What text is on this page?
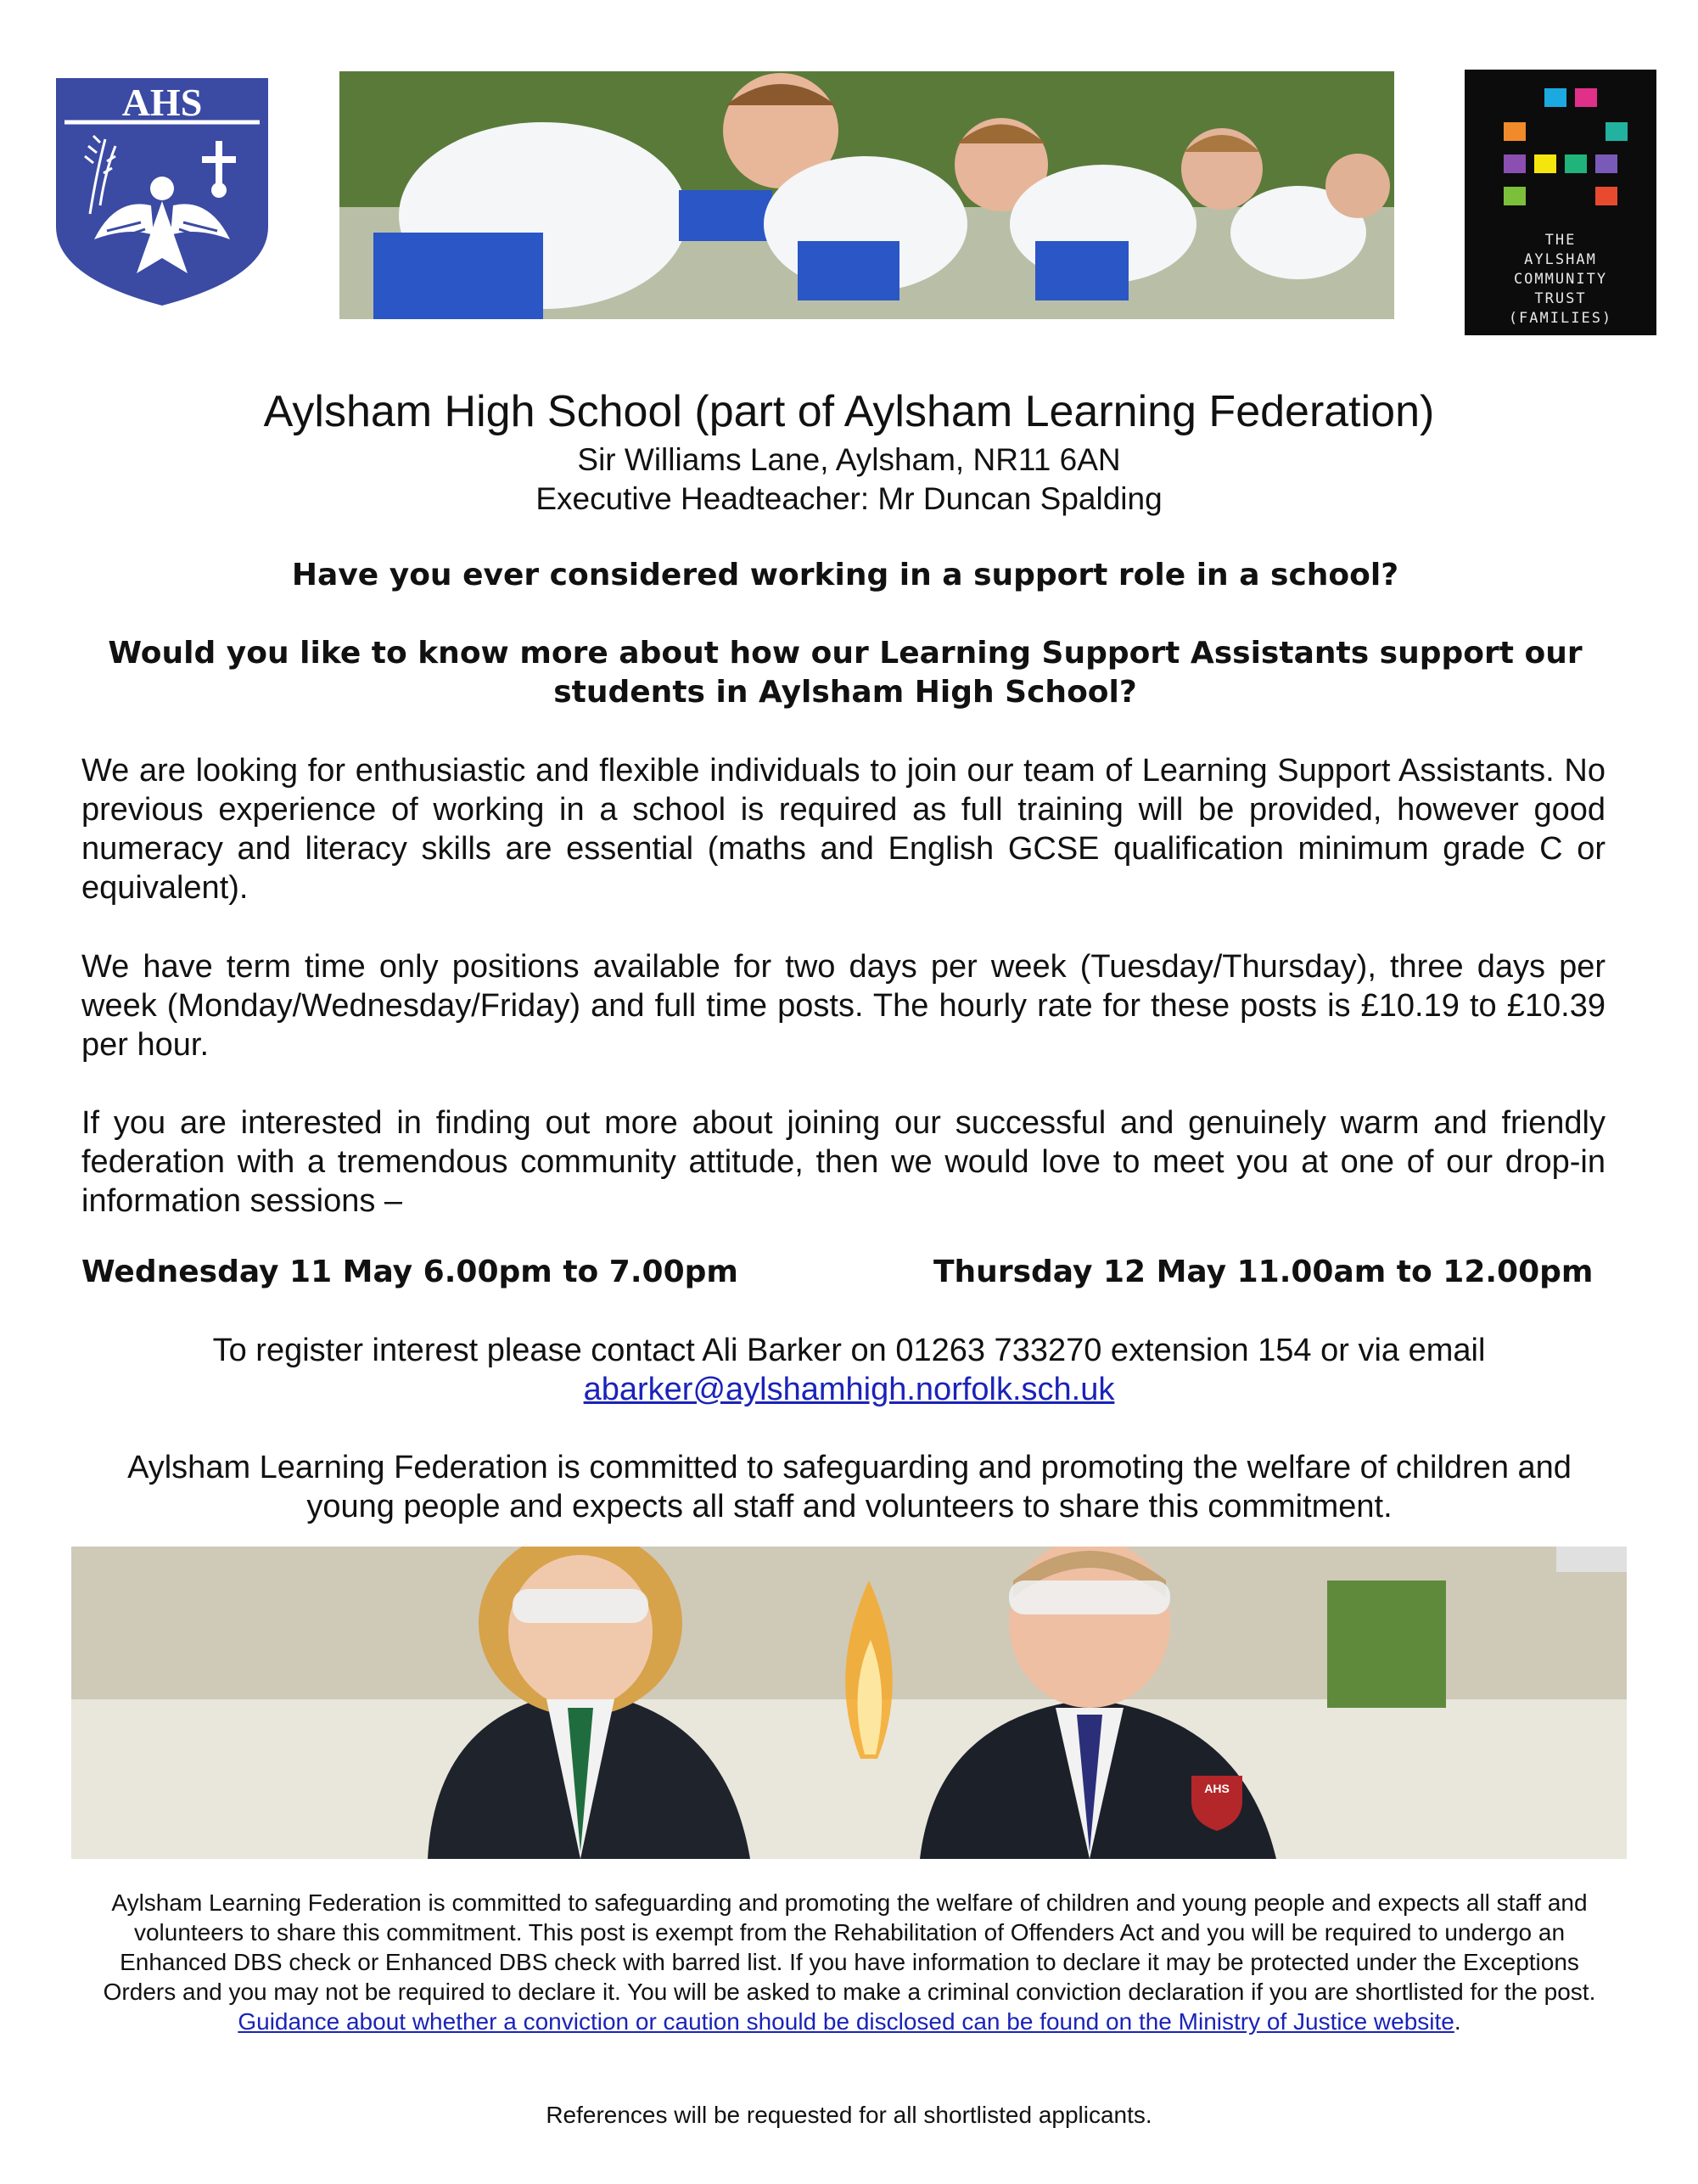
AHS
THE
AYLSHAM
COMMUNITY
TRUST
(FAMILIES)
Aylsham High School (part of Aylsham Learning Federation)
Sir Williams Lane, Aylsham, NR11 6AN
Executive Headteacher: Mr Duncan Spalding
Have you ever considered working in a support role in a school?
Would you like to know more about how our Learning Support Assistants support our students in Aylsham High School?
We are looking for enthusiastic and flexible individuals to join our team of Learning Support Assistants. No previous experience of working in a school is required as full training will be provided, however good numeracy and literacy skills are essential (maths and English GCSE qualification minimum grade C or equivalent).
We have term time only positions available for two days per week (Tuesday/Thursday), three days per week (Monday/Wednesday/Friday) and full time posts. The hourly rate for these posts is £10.19 to £10.39 per hour.
If you are interested in finding out more about joining our successful and genuinely warm and friendly federation with a tremendous community attitude, then we would love to meet you at one of our drop-in information sessions –
Wednesday 11 May 6.00pm to 7.00pm	Thursday 12 May 11.00am to 12.00pm
To register interest please contact Ali Barker on 01263 733270 extension 154 or via email
abarker@aylshamhigh.norfolk.sch.uk
Aylsham Learning Federation is committed to safeguarding and promoting the welfare of children and young people and expects all staff and volunteers to share this commitment.
AHS
Aylsham Learning Federation is committed to safeguarding and promoting the welfare of children and young people and expects all staff and volunteers to share this commitment. This post is exempt from the Rehabilitation of Offenders Act and you will be required to undergo an Enhanced DBS check or Enhanced DBS check with barred list. If you have information to declare it may be protected under the Exceptions Orders and you may not be required to declare it. You will be asked to make a criminal conviction declaration if you are shortlisted for the post. Guidance about whether a conviction or caution should be disclosed can be found on the Ministry of Justice website.
References will be requested for all shortlisted applicants.
